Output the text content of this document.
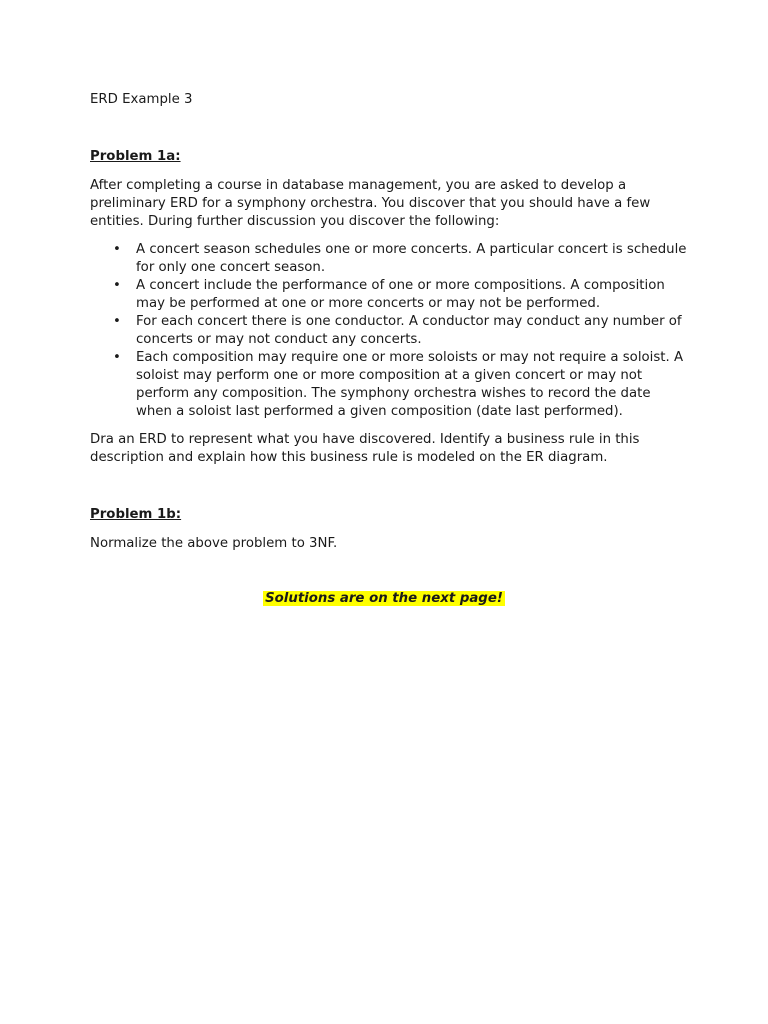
ERD Example 3
Problem 1a:

After completing a course in database management, you are asked to develop a preliminary ERD for a symphony orchestra. You discover that you should have a few entities. During further discussion you discover the following:

• A concert season schedules one or more concerts. A particular concert is schedule for only one concert season.
• A concert include the performance of one or more compositions. A composition may be performed at one or more concerts or may not be performed.
• For each concert there is one conductor. A conductor may conduct any number of concerts or may not conduct any concerts.
• Each composition may require one or more soloists or may not require a soloist. A soloist may perform one or more composition at a given concert or may not perform any composition. The symphony orchestra wishes to record the date when a soloist last performed a given composition (date last performed).

Dra an ERD to represent what you have discovered. Identify a business rule in this description and explain how this business rule is modeled on the ER diagram.

Problem 1b:

Normalize the above problem to 3NF.

Solutions are on the next page!
